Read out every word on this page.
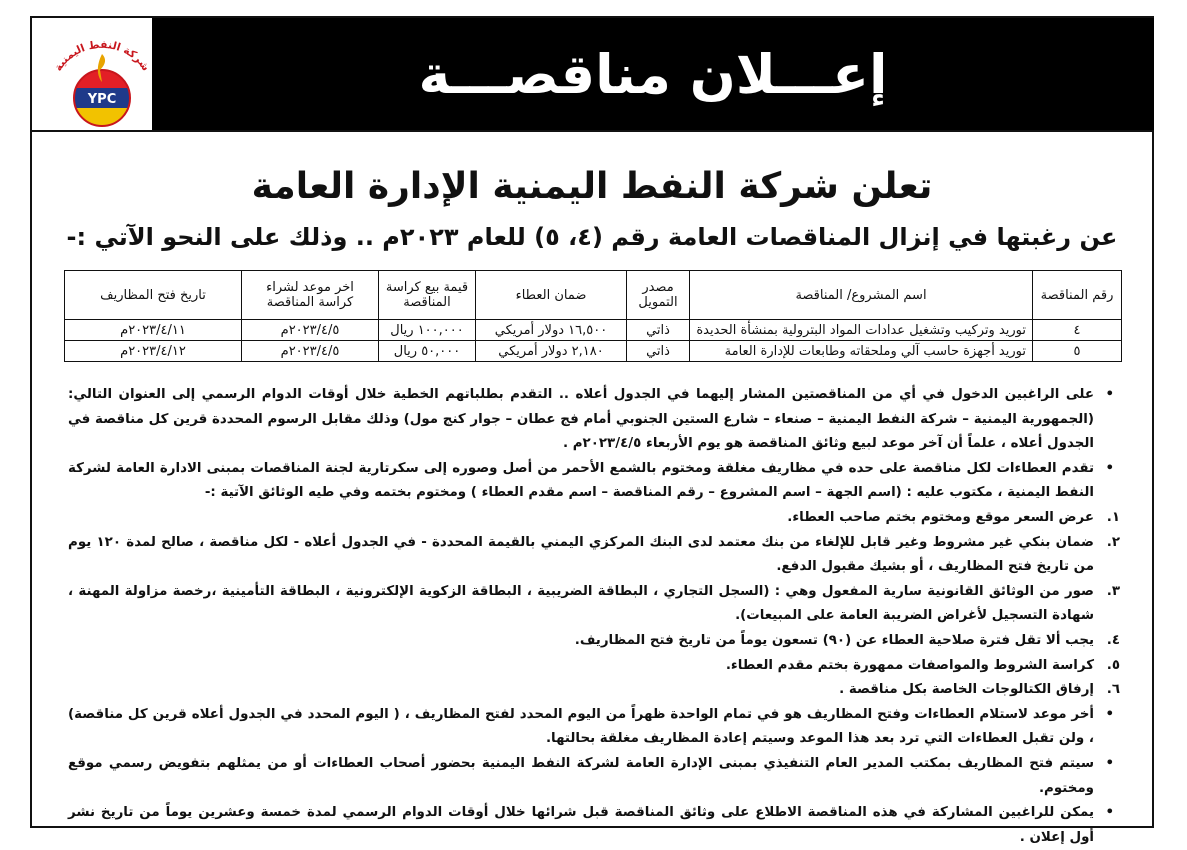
إعـــلان مناقصـــة
شركة النفط اليمنية
YPC
تعلن شركة النفط اليمنية الإدارة العامة
عن رغبتها في إنزال المناقصات العامة رقم (٤، ٥) للعام ٢٠٢٣م .. وذلك على النحو الآتي :-
رقم المناقصة	اسم المشروع/ المناقصة	مصدر التمويل	ضمان العطاء	قيمة بيع كراسة المناقصة	اخر موعد لشراء كراسة المناقصة	تاريخ فتح المظاريف
٤	توريد وتركيب وتشغيل عدادات المواد البترولية بمنشأة الحديدة	ذاتي	١٦,٥٠٠ دولار أمريكي	١٠٠,٠٠٠ ريال	٢٠٢٣/٤/٥م	٢٠٢٣/٤/١١م
٥	توريد أجهزة حاسب آلي وملحقاته وطابعات للإدارة العامة	ذاتي	٢,١٨٠ دولار أمريكي	٥٠,٠٠٠ ريال	٢٠٢٣/٤/٥م	٢٠٢٣/٤/١٢م

• على الراغبين الدخول في أي من المناقصتين المشار إليهما في الجدول أعلاه .. التقدم بطلباتهم الخطية خلال أوقات الدوام الرسمي إلى العنوان التالي: (الجمهورية اليمنية – شركة النفط اليمنية – صنعاء – شارع الستين الجنوبي أمام فج عطان – جوار كنج مول) وذلك مقابل الرسوم المحددة قرين كل مناقصة في الجدول أعلاه ، علماً أن آخر موعد لبيع وثائق المناقصة هو يوم الأربعاء ٢٠٢٣/٤/٥م .

• تقدم العطاءات لكل مناقصة على حده في مظاريف مغلقة ومختوم بالشمع الأحمر من أصل وصوره إلى سكرتارية لجنة المناقصات بمبنى الادارة العامة لشركة النفط اليمنية ، مكتوب عليه : (اسم الجهة – اسم المشروع – رقم المناقصة – اسم مقدم العطاء ) ومختوم بختمه وفي طيه الوثائق الآتية :-

١.
عرض السعر موقع ومختوم بختم صاحب العطاء.

٢.
ضمان بنكي غير مشروط وغير قابل للإلغاء من بنك معتمد لدى البنك المركزي اليمني بالقيمة المحددة - في الجدول أعلاه - لكل مناقصة ، صالح لمدة ١٢٠ يوم من تاريخ فتح المظاريف ، أو بشيك مقبول الدفع.

٣.
صور من الوثائق القانونية سارية المفعول وهي : (السجل التجاري ، البطاقة الضريبية ، البطاقة الزكوية الإلكترونية ، البطاقة التأمينية ،رخصة مزاولة المهنة ، شهادة التسجيل لأغراض الضريبة العامة على المبيعات).

٤.
يجب ألا تقل فترة صلاحية العطاء عن (٩٠) تسعون يوماً من تاريخ فتح المظاريف.

٥.
كراسة الشروط والمواصفات ممهورة بختم مقدم العطاء.

٦.
إرفاق الكتالوجات الخاصة بكل مناقصة .

• أخر موعد لاستلام العطاءات وفتح المظاريف هو في تمام الواحدة ظهراً من اليوم المحدد لفتح المظاريف ، ( اليوم المحدد في الجدول أعلاه قرين كل مناقصة) ، ولن تقبل العطاءات التي ترد بعد هذا الموعد وسيتم إعادة المظاريف مغلقة بحالتها.

• سيتم فتح المظاريف بمكتب المدير العام التنفيذي بمبنى الإدارة العامة لشركة النفط اليمنية بحضور أصحاب العطاءات أو من يمثلهم بتفويض رسمي موقع ومختوم.

• يمكن للراغبين المشاركة في هذه المناقصة الاطلاع على وثائق المناقصة قبل شرائها خلال أوقات الدوام الرسمي لمدة خمسة وعشرين يوماً من تاريخ نشر أول إعلان .
